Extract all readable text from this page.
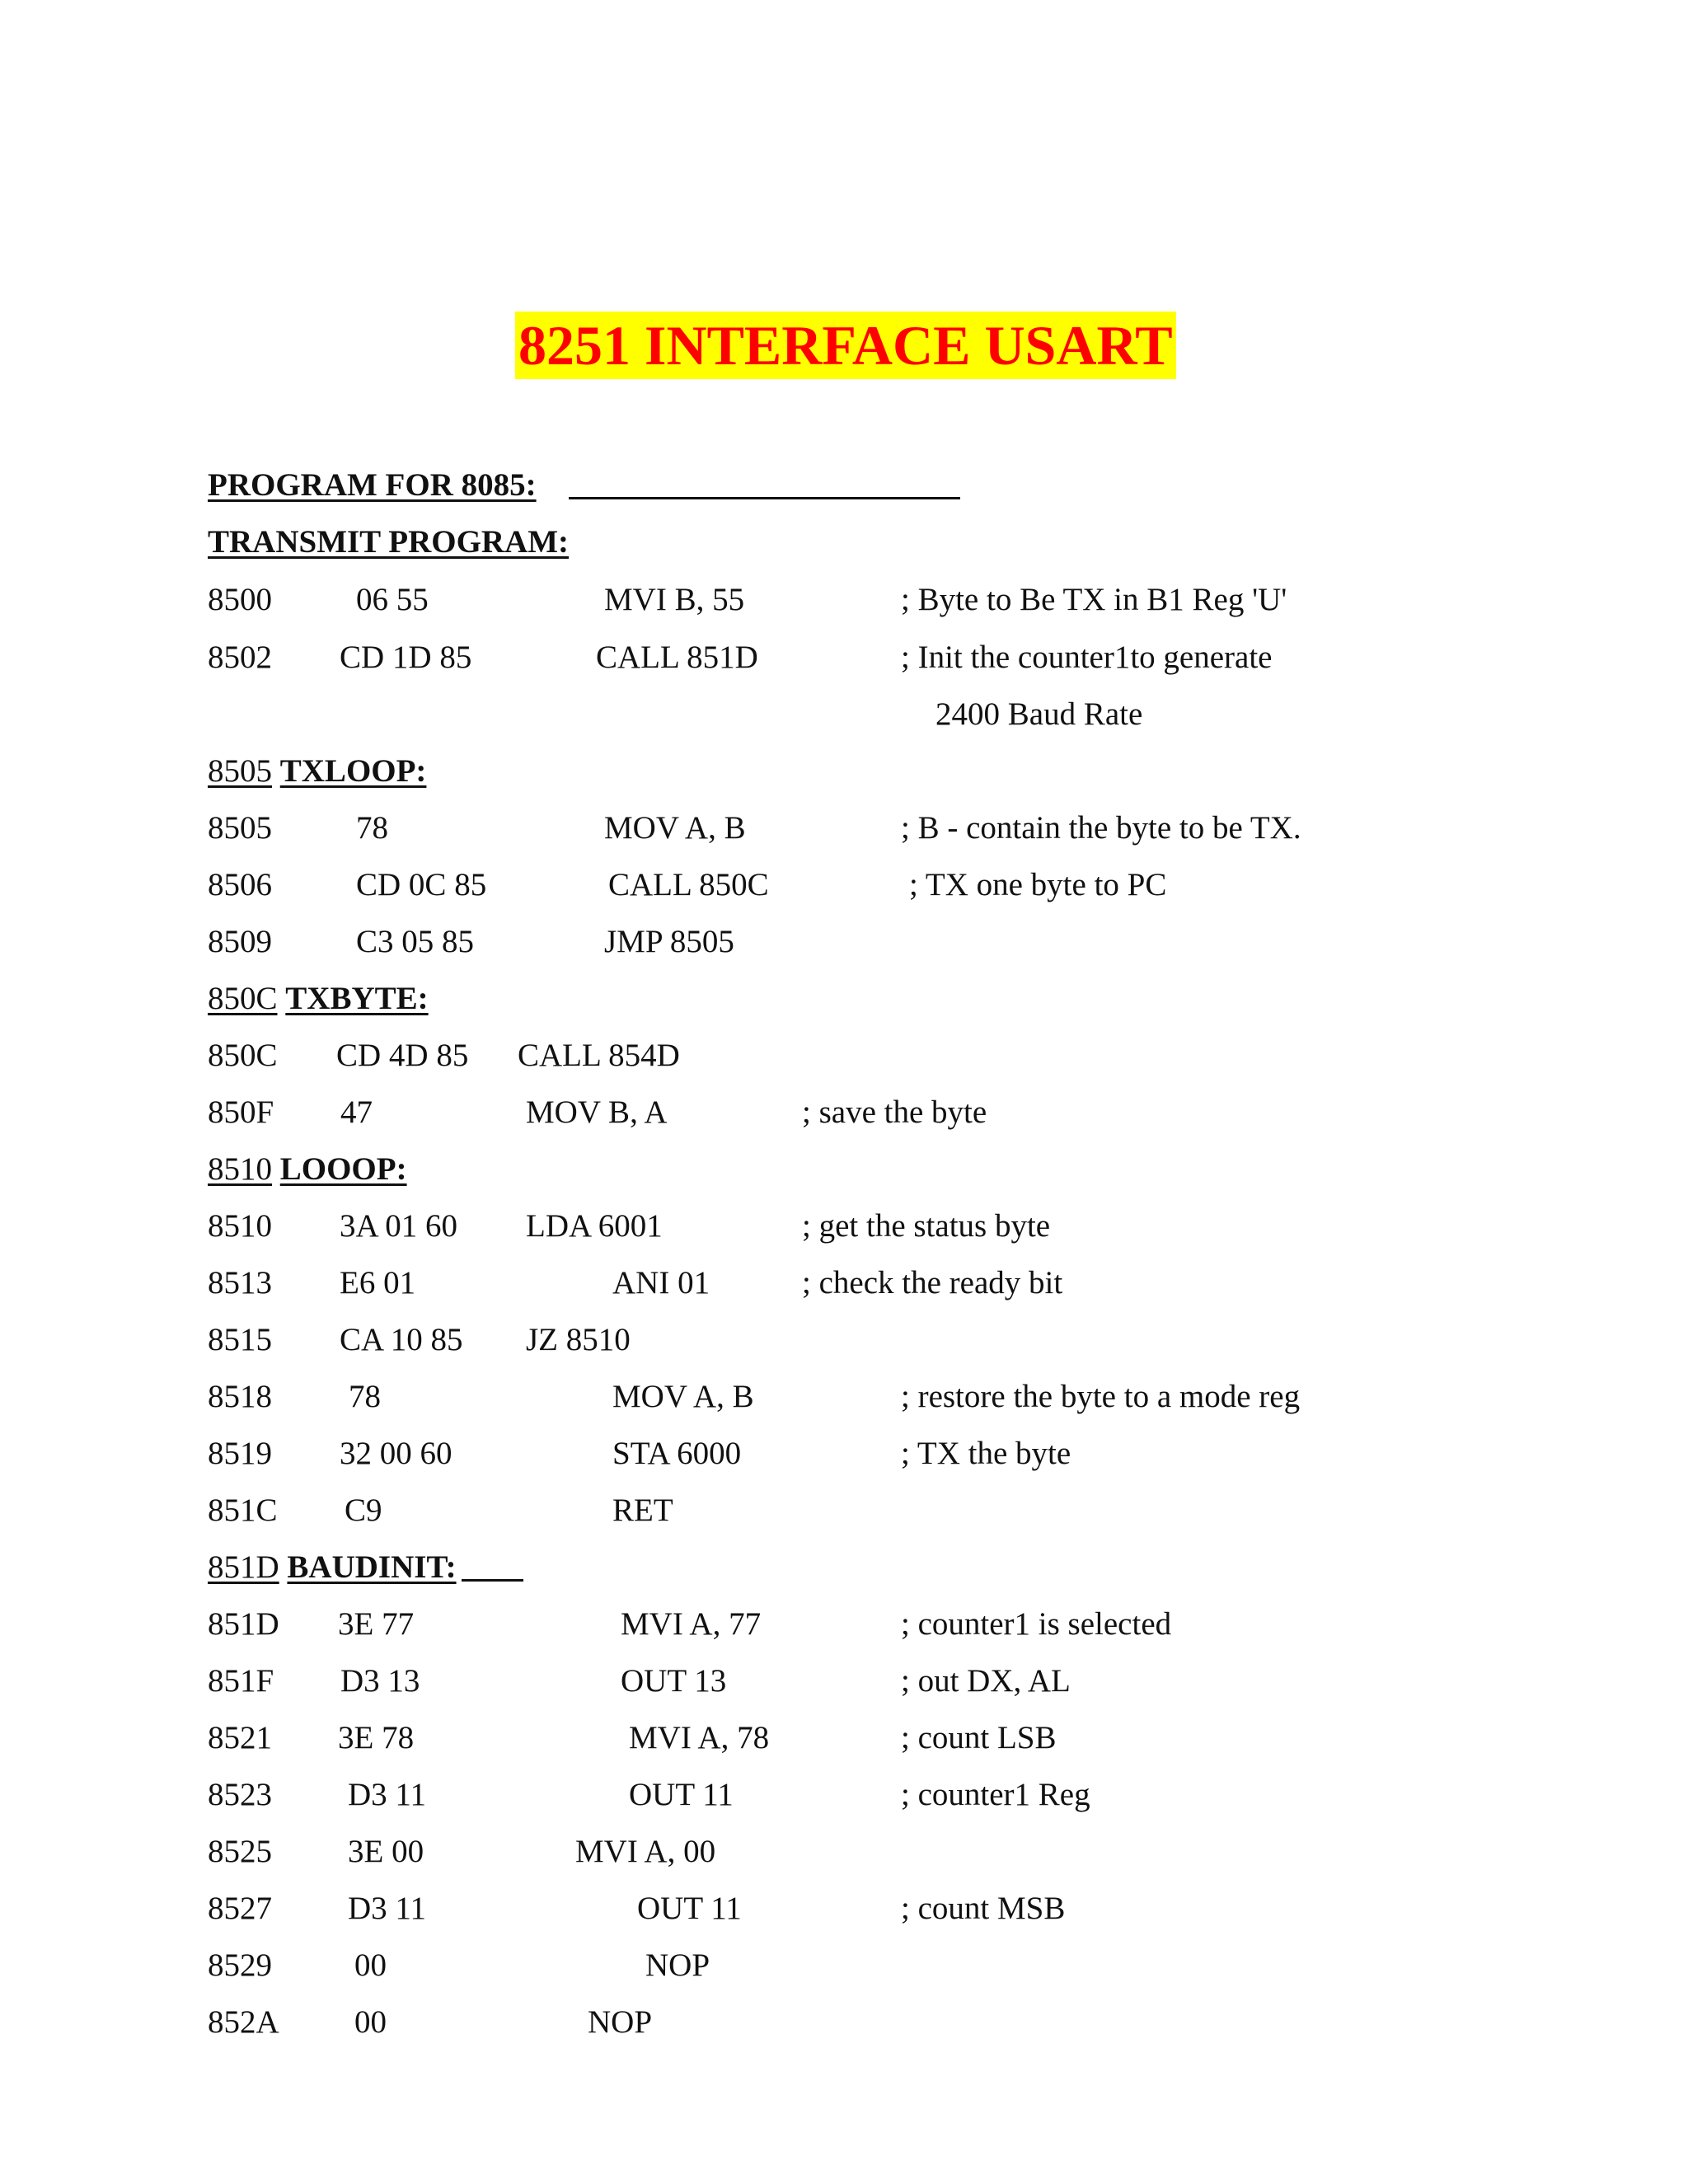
8251 INTERFACE USART
PROGRAM FOR 8085:
TRANSMIT PROGRAM:
8500	06 55	MVI B, 55	; Byte to Be TX in B1 Reg 'U'
8502 CD 1D 85	CALL 851D	; Init the counter1to generate
2400 Baud Rate
8505 TXLOOP:
8505	78	MOV A, B	; B - contain the byte to be TX.
8506	CD 0C 85	CALL 850C	; TX one byte to PC
8509	C3 05 85	JMP 8505
850C TXBYTE:
850C CD 4D 85 CALL 854D
850F 47	MOV B, A	; save the byte
8510 LOOOP:
8510 3A 01 60 LDA 6001	; get the status byte
8513 E6 01	ANI 01	; check the ready bit
8515 CA 10 85 JZ 8510
8518 78	MOV A, B	; restore the byte to a mode reg
8519 32 00 60	STA 6000	; TX the byte
851C C9	RET
851D BAUDINIT:
851D 3E 77	MVI A, 77	; counter1 is selected
851F D3 13	OUT 13	; out DX, AL
8521 3E 78	MVI A, 78	; count LSB
8523 D3 11	OUT 11	; counter1 Reg
8525 3E 00	MVI A, 00
8527 D3 11	OUT 11	; count MSB
8529	00	NOP
852A 00	NOP
